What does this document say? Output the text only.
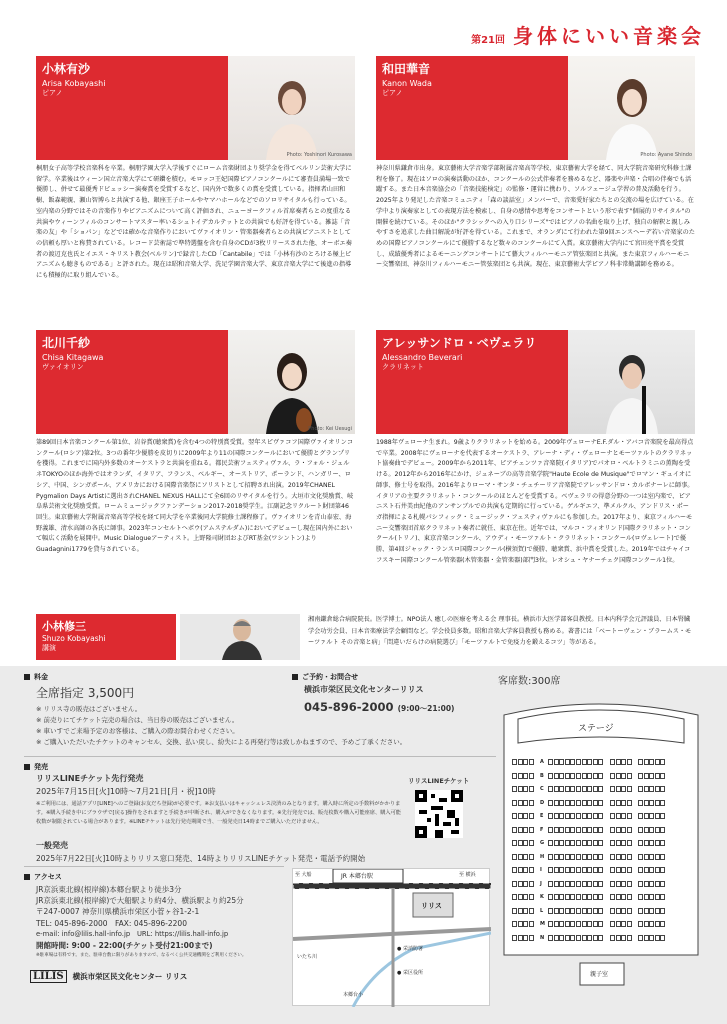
第21回 身体にいい音楽会
小林有沙
Arisa Kobayashi
ピアノ
Photo: Yoshinori Kurosawa
桐朋女子高等学校音楽科を卒業。桐朋学園大学入学後すぐにローム音楽財団より奨学金を得てベルリン芸術大学に留学。卒業後はウィーン国立音楽大学にて研鑽を積む。モロッコ王妃国際ピアノコンクールにて審査員満場一致で優勝し、併せて最優秀ドビュッシー演奏賞を受賞するなど、国内外で数多くの賞を受賞している。指揮者山田和樹、飯森範親、瀬山智博らと共演する他、銀座王子ホールやヤマハホールなどでのソロリサイタルも行っている。室内楽の分野ではその音楽作りやピアニズムについて高く評価され、ニューヨークフィル首席奏者らとの度重なる共演やウィーンフィルのコンサートマスター率いるシュトイデカルテットとの共演でも好評を得ている。雑誌「音楽の友」や「ショパン」などでは確かな音楽作りにおいてヴァイオリン・管楽器奏者らとの共演ピアニストとしての信頼も厚いと称賛されている。レコード芸術誌で準特選盤を含む自身のCDが3枚リリースされた他、オーボエ奏者の渡辺克也氏とイエス・キリスト教会(ベルリン)で録音したCD「Cantabile」では「小林有沙のとろける極上ピアニズムも聴きものである」と評された。現在は昭和音楽大学、洗足学園音楽大学、東京音楽大学にて後進の指導にも積極的に取り組んでいる。
和田華音
Kanon Wada
ピアノ
Photo: Ayane Shindo
神奈川県鎌倉市出身。東京藝術大学音楽学部附属音楽高等学校、東京藝術大学を経て、同大学院音楽研究科修士課程を修了。現在はソロの演奏活動のほか、コンクールの公式伴奏者を務めるなど、器楽や声楽・合唱の伴奏でも活躍する。また日本音楽協会の「音楽技能検定」の監修・運営に携わり、ソルフェージュ学習の普及活動を行う。2025年より発足した音楽コミュニティ「森の談話室」メンバーで、音楽愛好家たちとの交流の場を広げている。在学中より演奏家としての表現方法を模索し、自身の感情や思考をコンサートという形で表す"個展的リサイタル"の開催を続けている。そのほか"クラシックへの入り口シリーズ"ではピアノの名曲を取り上げ、独自の解釈と親しみやすさを追求した曲目解説が好評を得ている。これまで、オランダにて行われた第9回エンスヘーデ若い音楽家のための国際ピアノコンクールにて優勝するなど数々のコンクールにて入賞。東京藝術大学内にて宮田亮平賞を受賞し、成績優秀者によるモーニングコンサートにて藝大フィルハーモニア管弦楽団と共演。また東京フィルハーモニー交響楽団、神奈川フィルハーモニー管弦楽団とも共演。現在、東京藝術大学ピアノ科非常勤講師を務める。
北川千紗
Chisa Kitagawa
ヴァイオリン
Photo: Kei Uesugi
第89回日本音楽コンクール第1位、岩谷賞(聴衆賞)を含む4つの特別賞受賞。翌年スピヴァコフ国際ヴァイオリンコンクール(ロシア)第2位。3つの番年少優勝を皮切りに2009年より11の国際コンクールにおいて優勝とグランプリを獲得。これまでに国内外多数のオーケストラと共演を重ねる。都民芸術フェスティヴァル、ラ・フォル・ジュルネTOKYOのほか海外ではオランダ、イタリア、フランス、ベルギー、オーストリア、ポーランド、ハンガリー、ロシア、中国、シンガポール、アメリカにおける国際音楽祭にソリストとして招聘され出演。2019年CHANEL Pygmalion Days Artistに選出されCHANEL NEXUS HALLにて全6回のリサイタルを行う。大垣市文化奨励賞、岐阜県芸術文化奨励受賞。ロームミュージックファンデーション2017-2018奨学生。江副記念リクルート財団第46回生。東京藝術大学附属音楽高等学校を経て同大学を卒業後同大学院修士課程修了。ヴァイオリンを青山泰宏、海野義雄、清水高師の各氏に師事。2023年コンセルトヘボウ(アムステルダム)においてデビューし現在国内外において幅広く活動を展開中。Music Dialogueアーティスト。上野隆司財団およびRT基金(ワシントン)よりGuadagnini1779を貸与されている。
アレッサンドロ・ベヴェラリ
Alessandro Beverari
クラリネット
1988年ヴェローナ生まれ。9歳よりクラリネットを始める。2009年ヴェローナE.F.ダル・アバコ音楽院を最高得点で卒業。2008年にヴェローナを代表するオーケストラ、アレーナ・ディ・ヴェローナとモーツァルトのクラリネット協奏曲でデビュー。2009年から2011年、ピアチェンツァ音楽院(イタリア)でパオロ・ベルトラミニの薫陶を受ける。2012年から2016年にかけ、ジュネーブの高等音楽学院"Haute Ecole de Musique"でロマン・ギュイオに師事、修士号を取得。2016年よりローマ・サンタ・チェチーリア音楽院でアレッサンドロ・カルボナーレに師事。イタリアの主要クラリネット・コンクールのほとんどを受賞する。ベヴェラリの得意分野の一つは室内楽で、ピアニスト石井美由紀他のアンサンブルでの共演も定期的に行っている。ゲルギエフ、準メルクル、アンドリス・ポーガ指揮による札幌パシフィック・ミュージック・フェスティヴァルにも参加した。2017年より、東京フィルハーモニー交響楽団首席クラリネット奏者に就任、東京在住。近年では、マルコ・フィオリンド国際クラリネット・コンクール(トリノ)、東京音楽コンクール、アウディ・モーツァルト・クラリネット・コンクール(ロヴェレート)で優勝、第4回ジャック・ランスロ国際コンクール(横須賀)で優勝、聴衆賞、浜中賞を受賞した。2019年ではチャイコフスキー国際コンクール管楽器(木管楽器・金管楽器)部門3位。レオシュ・ヤナーチェク国際コンクール1位。
小林修三
Shuzo Kobayashi
講演
湘南鎌倉総合病院院長。医学博士。NPO法人 癒しの医療を考える会 理事長。横浜市大医学部客員教授。日本内科学会元評議員、日本腎臓学会功労会員、日本音楽療法学会顧問など。学会役員多数。昭和音楽大学客員教授も務める。著書には「ベートーヴェン・ブラームス・モーツァルト その音楽と病」「問違いだらけの病院選び」「モーツァルトで免疫力を鍛えるコツ」等がある。
料金
全席指定 3,500円
※ リリス寺の販売はございません。
※ 前売りにてチケット完売の場合は、当日券の販売はございません。
※ 車いすでご来場予定のお客様は、ご購入の際お問合わせください。
※ ご購入いただいたチケットのキャンセル、交換、払い戻し、紛失による再発行等は致しかねますので、予めご了承ください。
ご予約・お問合せ
横浜市栄区民文化センターリリス
045-896-2000 (9:00～21:00)
客席数:300席
発売
リリスLINEチケット先行発売
2025年7月15日[火]10時～7月21日[月・祝]10時
※ご利用には、通話アプリ[LINE]へのご登録(お友だち登録)が必要です。※お支払いはキャッシュレス決済のみとなります。購入時に所定の手数料がかかります。※購入手続き中にブラウザで[戻る]操作をされますと手続きが中断され、購入ができなくなります。※先行発売では、販売枚数や購入可能座席、購入可能枚数が制限されている場合があります。※LINEチケットは先行発売期間で当、一般発売日14時までご購入いただけません。
リリスLINEチケット
一般発売
2025年7月22日[火]10時よりリリス窓口発売、14時よりリリスLINEチケット発売・電話予約開始
アクセス
JR京浜東北線(根岸線)本郷台駅より徒歩3分
JR京浜東北線(根岸線)で大船駅より約4分、横浜駅より約25分
〒247-0007 神奈川県横浜市栄区小菅ヶ谷1-2-1
TEL: 045-896-2000　FAX: 045-896-2200
e-mail: info@lilis.hall-info.jp　URL: https://lilis.hall-info.jp
開館時間: 9:00 - 22:00(チケット受付21:00まで)
※駐車場は有料です。また、駐車台数に限りがありますので、なるべく公共交通機関をご利用ください。
LILIS	横浜市栄区民文化センター リリス
JR 本郷台駅
リリス
至 大船	至 横浜
● 栄消防署
● 栄区役所
いたち川
本郷台小
ステージ
親子室
A
B
C
D
E
F
G
H
I
J
K
L
M
N
